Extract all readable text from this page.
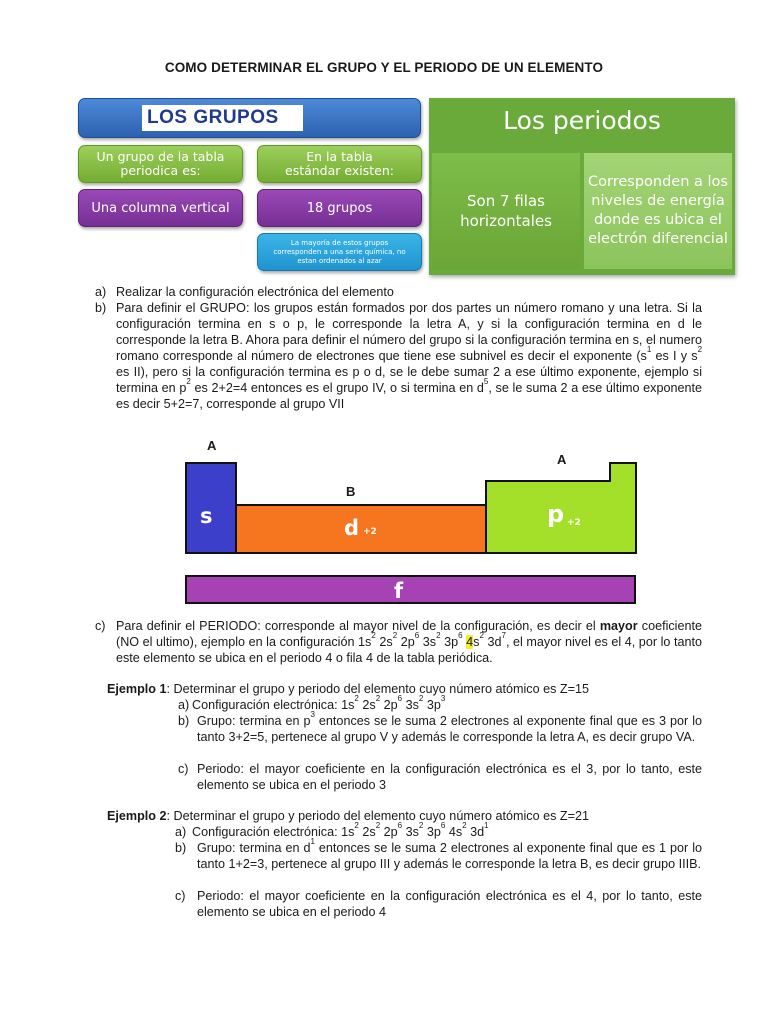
COMO DETERMINAR EL GRUPO Y EL PERIODO DE UN ELEMENTO
LOS GRUPOS
Un grupo de la tabla periodica es:
En la tabla estándar existen:
Una columna vertical	18 grupos
La mayoría de estos grupos corresponden a una serie química, no estan ordenados al azar
Los periodos
Son 7 filas horizontales
Corresponden a los niveles de energía donde es ubica el electrón diferencial
a) Realizar la configuración electrónica del elemento
b) Para definir el GRUPO: los grupos están formados por dos partes un número romano y una letra. Si la configuración termina en s o p, le corresponde la letra A, y si la configuración termina en d le corresponde la letra B. Ahora para definir el número del grupo si la configuración termina en s, el numero romano corresponde al número de electrones que tiene ese subnivel es decir el exponente ($s^1$ es I y $s^2$ es II), pero si la configuración termina es p o d, se le debe sumar 2 a ese último exponente, ejemplo si termina en $p^2$ es 2+2=4 entonces es el grupo IV, o si termina en $d^5$, se le suma 2 a ese último exponente es decir 5+2=7, corresponde al grupo VII
A
A
B
s	d +2
p +2
f
c) Para definir el PERIODO: corresponde al mayor nivel de la configuración, es decir el mayor coeficiente (NO el ultimo), ejemplo en la configuración $1s^2$ $2s^2$ $2p^6$ $3s^2$ $3p^6$ $4s^2$ $3d^7$, el mayor nivel es el 4, por lo tanto este elemento se ubica en el periodo 4 o fila 4 de la tabla periódica.
Ejemplo 1: Determinar el grupo y periodo del elemento cuyo número atómico es Z=15
a) Configuración electrónica: $1s^2$ $2s^2$ $2p^6$ $3s^2$ $3p^3$
b) Grupo: termina en $p^3$ entonces se le suma 2 electrones al exponente final que es 3 por lo tanto 3+2=5, pertenece al grupo V y además le corresponde la letra A, es decir grupo VA.
c) Periodo: el mayor coeficiente en la configuración electrónica es el 3, por lo tanto, este elemento se ubica en el periodo 3
Ejemplo 2: Determinar el grupo y periodo del elemento cuyo número atómico es Z=21
a) Configuración electrónica: $1s^2$ $2s^2$ $2p^6$ $3s^2$ $3p^6$ $4s^2$ $3d^1$
b) Grupo: termina en $d^1$ entonces se le suma 2 electrones al exponente final que es 1 por lo tanto 1+2=3, pertenece al grupo III y además le corresponde la letra B, es decir grupo IIIB.
c) Periodo: el mayor coeficiente en la configuración electrónica es el 4, por lo tanto, este elemento se ubica en el periodo 4
